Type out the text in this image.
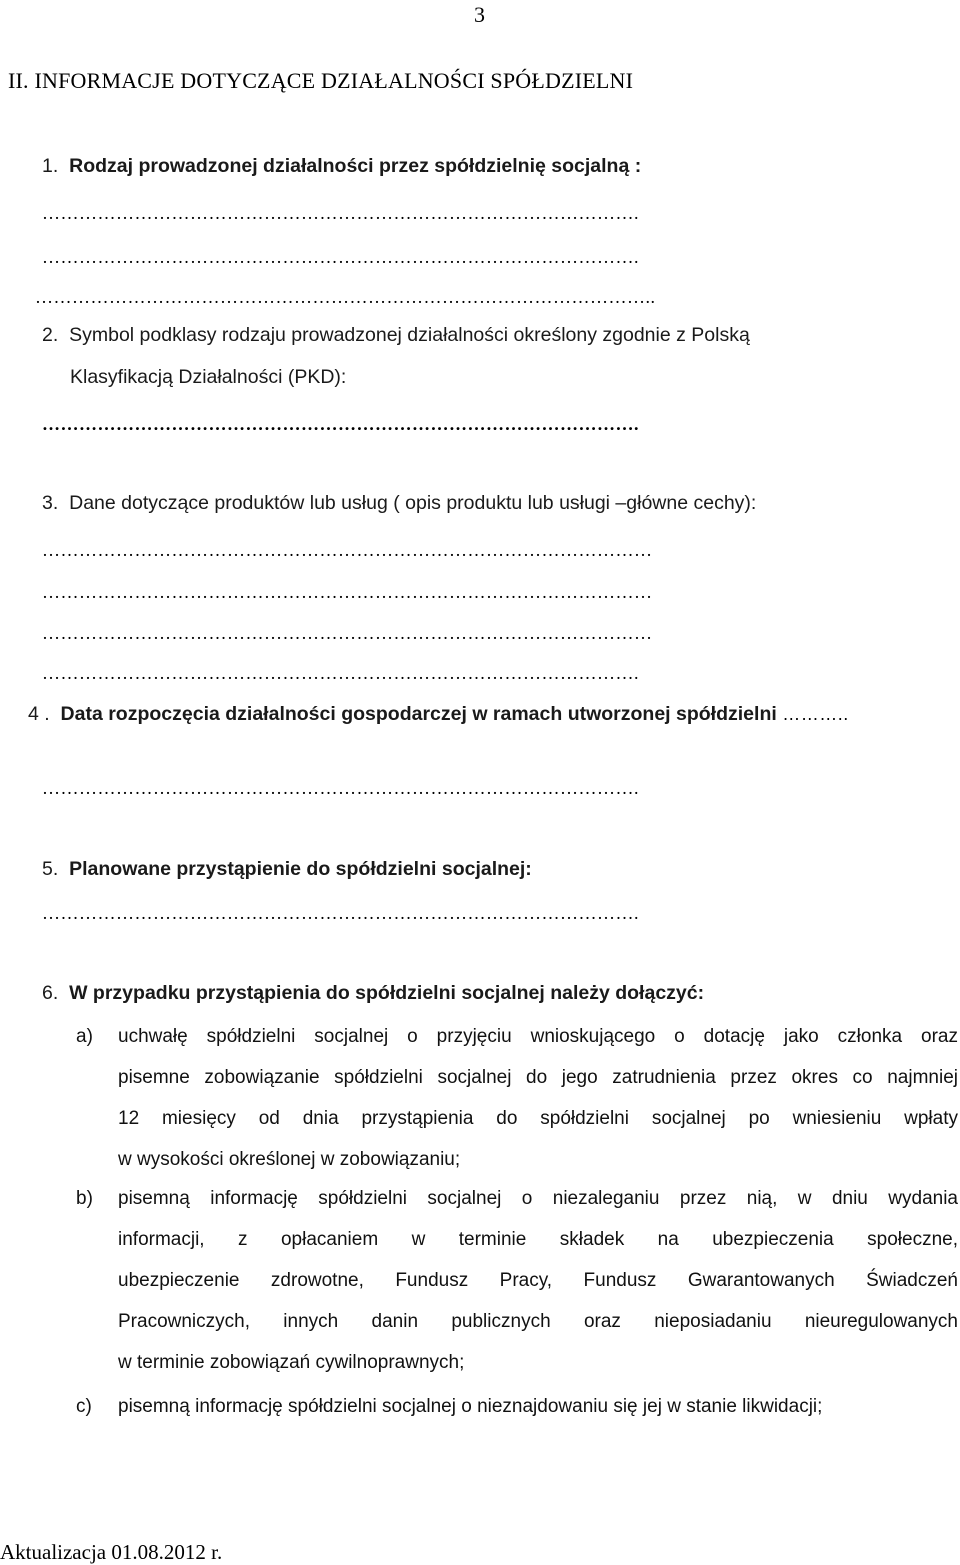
3
II. INFORMACJE DOTYCZĄCE DZIAŁALNOŚCI SPÓŁDZIELNI
1. Rodzaj prowadzonej działalności przez spółdzielnię socjalną :
…………………………………………………………………………………….
…………………………………………………………………………………….
………………………………………………………………………………………..
2. Symbol podklasy rodzaju prowadzonej działalności określony zgodnie z Polską
Klasyfikacją Działalności (PKD):
…………………………………………………………………………………….
3. Dane dotyczące produktów lub usług ( opis produktu lub usługi –główne cechy):
………………………………………………………………………………………
………………………………………………………………………………………
………………………………………………………………………………………
…………………………………………………………………………………….
4 . Data rozpoczęcia działalności gospodarczej w ramach utworzonej spółdzielni ………..
…………………………………………………………………………………….
5. Planowane przystąpienie do spółdzielni socjalnej:
…………………………………………………………………………………….
6. W przypadku przystąpienia do spółdzielni socjalnej należy dołączyć:
a) uchwałę spółdzielni socjalnej o przyjęciu wnioskującego o dotację jako członka oraz
pisemne zobowiązanie spółdzielni socjalnej do jego zatrudnienia przez okres co najmniej
12 miesięcy od dnia przystąpienia do spółdzielni socjalnej po wniesieniu wpłaty
w wysokości określonej w zobowiązaniu;
b) pisemną informację spółdzielni socjalnej o niezaleganiu przez nią, w dniu wydania
informacji, z opłacaniem w terminie składek na ubezpieczenia społeczne,
ubezpieczenie zdrowotne, Fundusz Pracy, Fundusz Gwarantowanych Świadczeń
Pracowniczych, innych danin publicznych oraz nieposiadaniu nieuregulowanych
w terminie zobowiązań cywilnoprawnych;
c) pisemną informację spółdzielni socjalnej o nieznajdowaniu się jej w stanie likwidacji;
Aktualizacja 01.08.2012 r.
